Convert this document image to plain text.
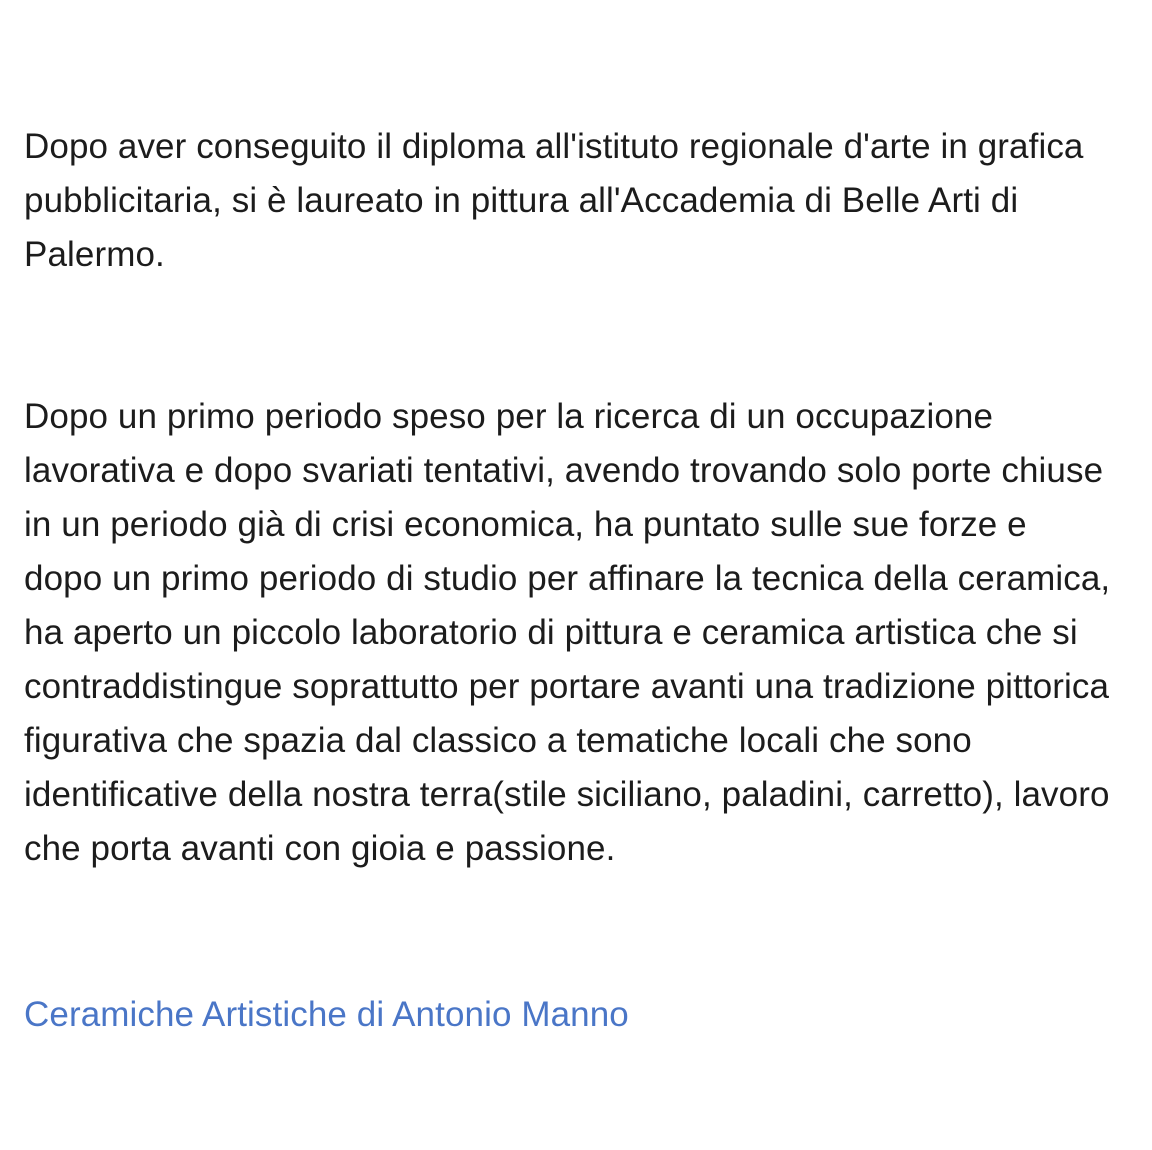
Dopo aver conseguito il diploma all'istituto regionale d'arte in grafica pubblicitaria, si è laureato in pittura all'Accademia di Belle Arti di Palermo.

Dopo un primo periodo speso per la ricerca di un occupazione lavorativa e dopo svariati tentativi, avendo trovando solo porte chiuse in un periodo già di crisi economica, ha puntato sulle sue forze e dopo un primo periodo di studio per affinare la tecnica della ceramica, ha aperto un piccolo laboratorio di pittura e ceramica artistica che si contraddistingue soprattutto per portare avanti una tradizione pittorica figurativa che spazia dal classico a tematiche locali che sono identificative della nostra terra(stile siciliano, paladini, carretto), lavoro che porta avanti con gioia e passione.

Ceramiche Artistiche di Antonio Manno
